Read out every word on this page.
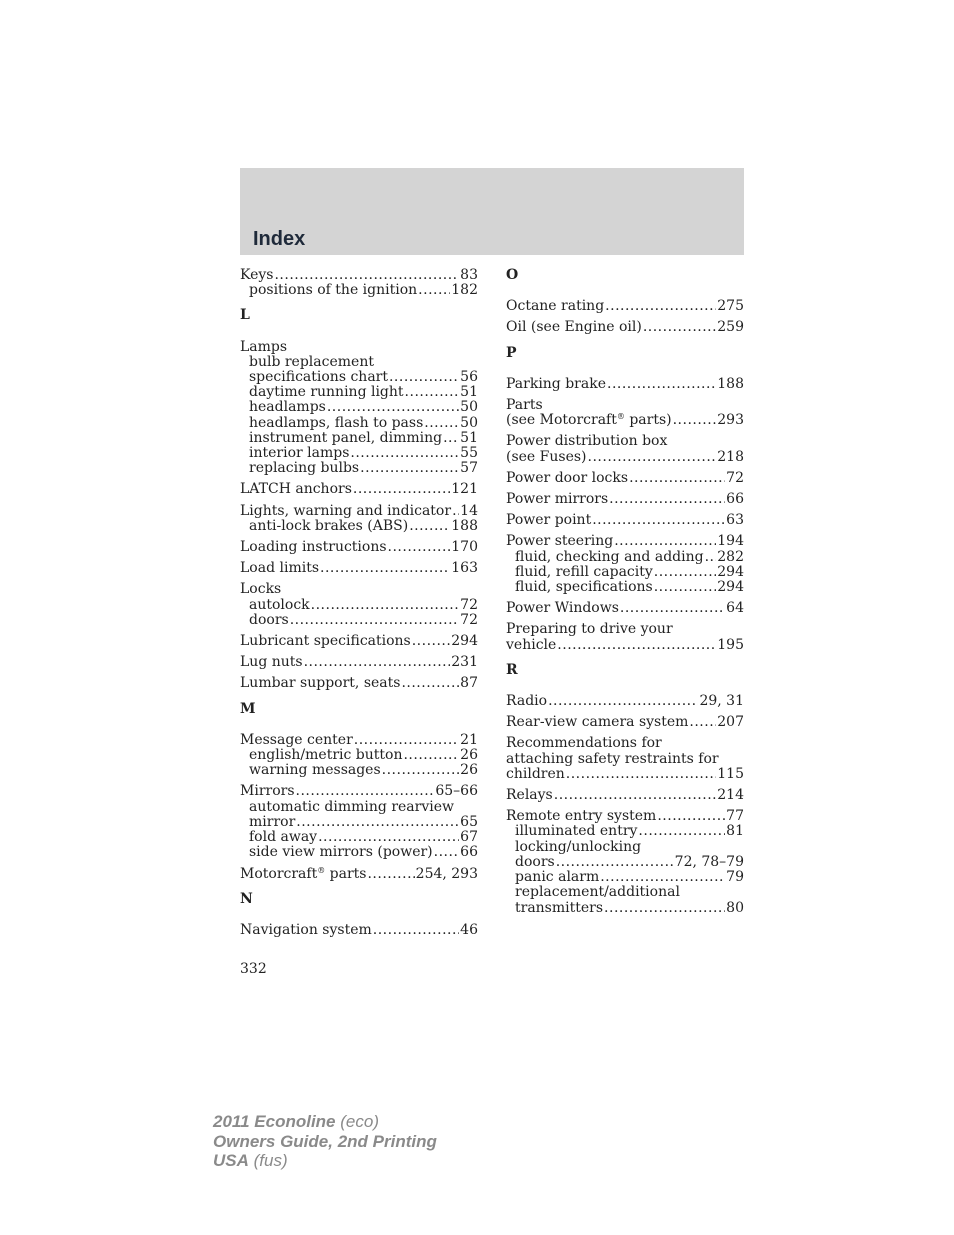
Index
Keys .....	83
positions of the ignition ..... 182
L
Lamps
bulb replacement
specifications chart .....	56
daytime running light .....	51
headlamps .....	50
headlamps, flash to pass .....	50
instrument panel, dimming ..... 51
interior lamps .....	55
replacing bulbs .....	57
LATCH anchors .....	121
Lights, warning and indicator ..... 14
anti-lock brakes (ABS) .....	188
Loading instructions .....	170
Load limits .....	163
Locks
autolock .....	72
doors .....	72
Lubricant specifications .....	294
Lug nuts .....	231
Lumbar support, seats .....	87
M
Message center .....	21
english/metric button .....	26
warning messages .....	26
Mirrors .....	65–66
automatic dimming rearview
mirror .....	65
fold away .....	67
side view mirrors (power) ..... 66
Motorcraft® parts .....	254, 293
N
Navigation system .....	46
O
Octane rating .....	275
Oil (see Engine oil) .....	259
P
Parking brake .....	188
Parts
(see Motorcraft® parts) .....	293
Power distribution box
(see Fuses) .....	218
Power door locks .....	72
Power mirrors .....	66
Power point .....	63
Power steering .....	194
fluid, checking and adding ..... 282
fluid, refill capacity .....	294
fluid, specifications .....	294
Power Windows .....	64
Preparing to drive your
vehicle .....	195
R
Radio .....	29, 31
Rear-view camera system ..... 207
Recommendations for
attaching safety restraints for
children .....	115
Relays .....	214
Remote entry system .....	77
illuminated entry .....	81
locking/unlocking
doors .....	72, 78–79
panic alarm .....	79
replacement/additional
transmitters .....	80
332
2011 Econoline (eco)
Owners Guide, 2nd Printing
USA (fus)
